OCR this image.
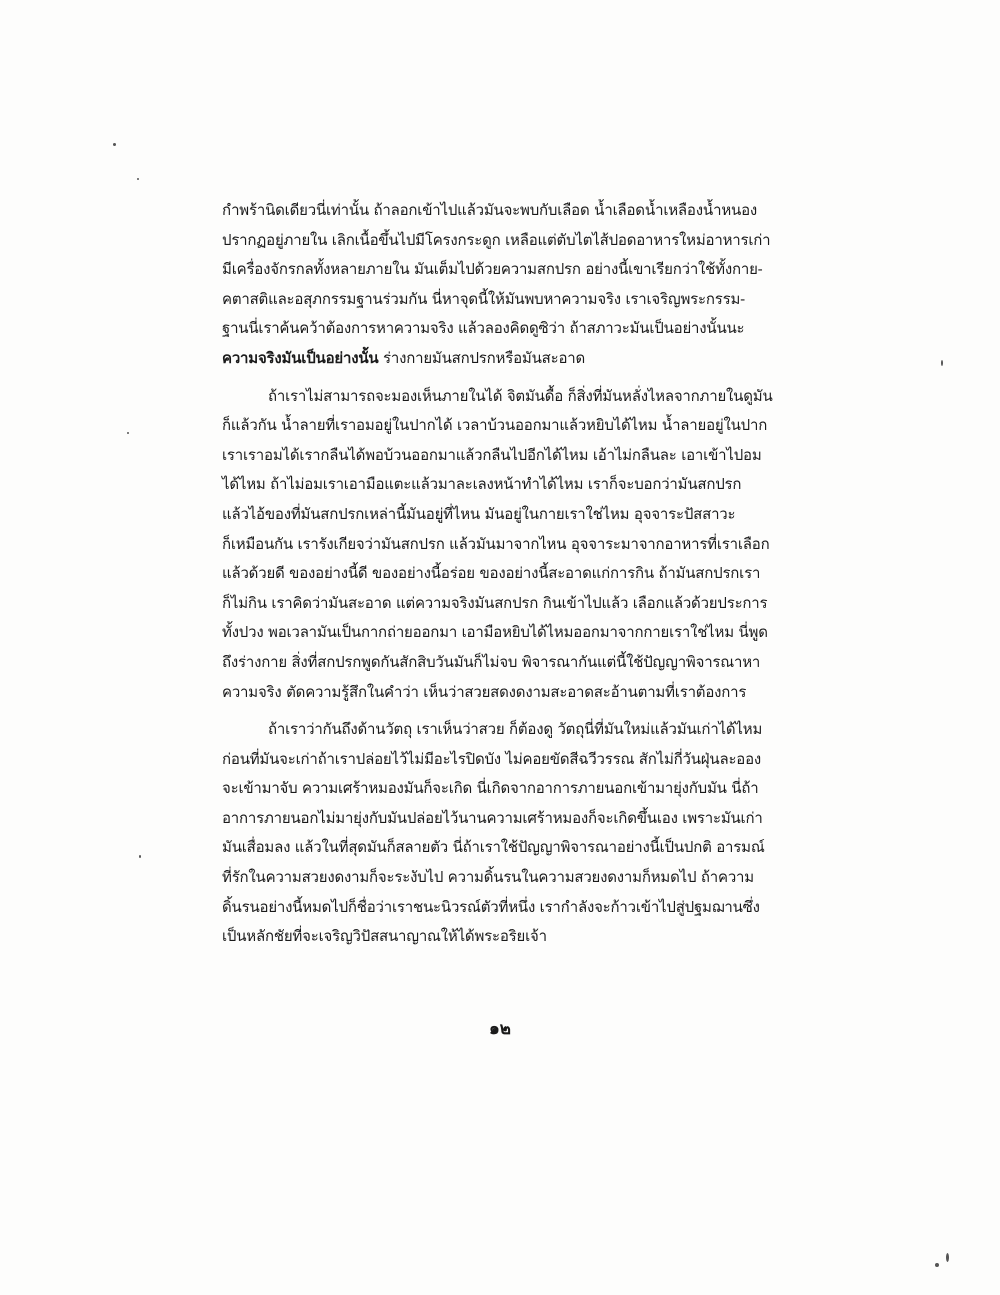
กำพร้านิดเดียวนี่เท่านั้น ถ้าลอกเข้าไปแล้วมันจะพบกับเลือด น้ำเลือดน้ำเหลืองน้ำหนอง
ปรากฏอยู่ภายใน เลิกเนื้อขึ้นไปมีโครงกระดูก เหลือแต่ตับไตไส้ปอดอาหารใหม่อาหารเก่า
มีเครื่องจักรกลทั้งหลายภายใน มันเต็มไปด้วยความสกปรก อย่างนี้เขาเรียกว่าใช้ทั้งกาย-
คตาสติและอสุภกรรมฐานร่วมกัน นี่หาจุดนี้ให้มันพบหาความจริง เราเจริญพระกรรม-
ฐานนี่เราค้นคว้าต้องการหาความจริง แล้วลองคิดดูซิว่า ถ้าสภาวะมันเป็นอย่างนั้นนะ
ความจริงมันเป็นอย่างนั้น ร่างกายมันสกปรกหรือมันสะอาด
ถ้าเราไม่สามารถจะมองเห็นภายในได้ จิตมันดื้อ ก็สิ่งที่มันหลั่งไหลจากภายในดูมัน
ก็แล้วกัน น้ำลายที่เราอมอยู่ในปากได้ เวลาบ้วนออกมาแล้วหยิบได้ไหม น้ำลายอยู่ในปาก
เราเราอมได้เรากลืนได้พอบ้วนออกมาแล้วกลืนไปอีกได้ไหม เอ้าไม่กลืนละ เอาเข้าไปอม
ได้ไหม ถ้าไม่อมเราเอามือแตะแล้วมาละเลงหน้าทำได้ไหม เราก็จะบอกว่ามันสกปรก
แล้วไอ้ของที่มันสกปรกเหล่านี้มันอยู่ที่ไหน มันอยู่ในกายเราใช่ไหม อุจจาระปัสสาวะ
ก็เหมือนกัน เรารังเกียจว่ามันสกปรก แล้วมันมาจากไหน อุจจาระมาจากอาหารที่เราเลือก
แล้วด้วยดี ของอย่างนี้ดี ของอย่างนี้อร่อย ของอย่างนี้สะอาดแก่การกิน ถ้ามันสกปรกเรา
ก็ไม่กิน เราคิดว่ามันสะอาด แต่ความจริงมันสกปรก กินเข้าไปแล้ว เลือกแล้วด้วยประการ
ทั้งปวง พอเวลามันเป็นกากถ่ายออกมา เอามือหยิบได้ไหมออกมาจากกายเราใช่ไหม นี่พูด
ถึงร่างกาย สิ่งที่สกปรกพูดกันสักสิบวันมันก็ไม่จบ พิจารณากันแต่นี้ใช้ปัญญาพิจารณาหา
ความจริง ตัดความรู้สึกในคำว่า เห็นว่าสวยสดงดงามสะอาดสะอ้านตามที่เราต้องการ
ถ้าเราว่ากันถึงด้านวัตถุ เราเห็นว่าสวย ก็ต้องดู วัตถุนี่ที่มันใหม่แล้วมันเก่าได้ไหม
ก่อนที่มันจะเก่าถ้าเราปล่อยไว้ไม่มีอะไรปิดบัง ไม่คอยขัดสีฉวีวรรณ สักไม่กี่วันฝุ่นละออง
จะเข้ามาจับ ความเศร้าหมองมันก็จะเกิด นี่เกิดจากอาการภายนอกเข้ามายุ่งกับมัน นี่ถ้า
อาการภายนอกไม่มายุ่งกับมันปล่อยไว้นานความเศร้าหมองก็จะเกิดขึ้นเอง เพราะมันเก่า
มันเสื่อมลง แล้วในที่สุดมันก็สลายตัว นี่ถ้าเราใช้ปัญญาพิจารณาอย่างนี้เป็นปกติ อารมณ์
ที่รักในความสวยงดงามก็จะระงับไป ความดิ้นรนในความสวยงดงามก็หมดไป ถ้าความ
ดิ้นรนอย่างนี้หมดไปก็ชื่อว่าเราชนะนิวรณ์ตัวที่หนึ่ง เรากำลังจะก้าวเข้าไปสู่ปฐมฌานซึ่ง
เป็นหลักชัยที่จะเจริญวิปัสสนาญาณให้ได้พระอริยเจ้า
๑๒
